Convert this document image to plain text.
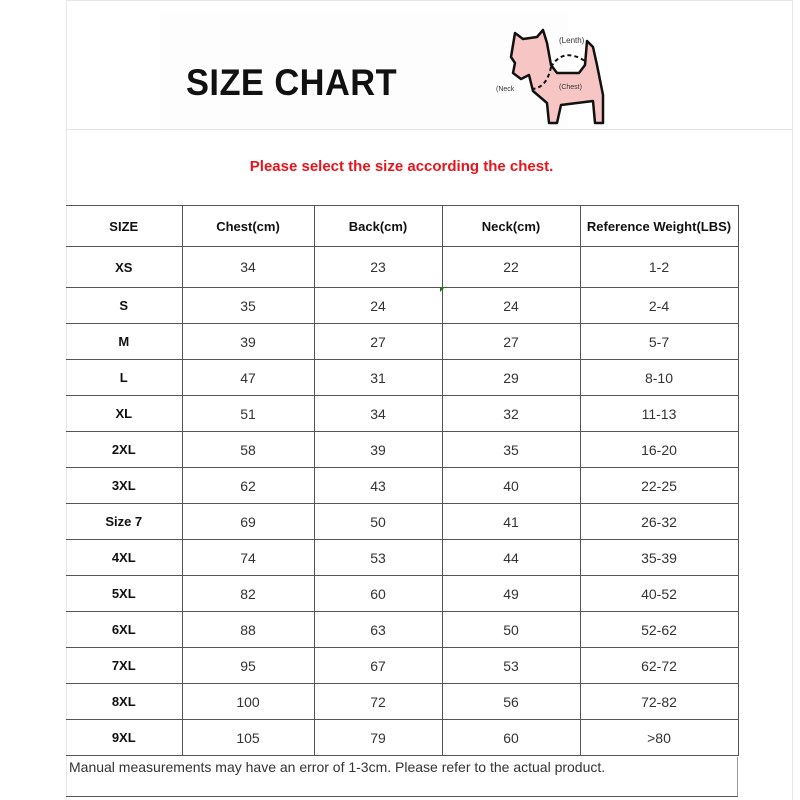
SIZE CHART
(Lenth)
(Neck	(Chest)
Please select the size according the chest.
SIZE	Chest(cm)	Back(cm)	Neck(cm)	Reference Weight(LBS)
XS	34	23	22	1-2
S	35	24	24	2-4
M	39	27	27	5-7
L	47	31	29	8-10
XL	51	34	32	11-13
2XL	58	39	35	16-20
3XL	62	43	40	22-25
Size 7	69	50	41	26-32
4XL	74	53	44	35-39
5XL	82	60	49	40-52
6XL	88	63	50	52-62
7XL	95	67	53	62-72
8XL	100	72	56	72-82
9XL	105	79	60	>80
Manual measurements may have an error of 1-3cm. Please refer to the actual product.
